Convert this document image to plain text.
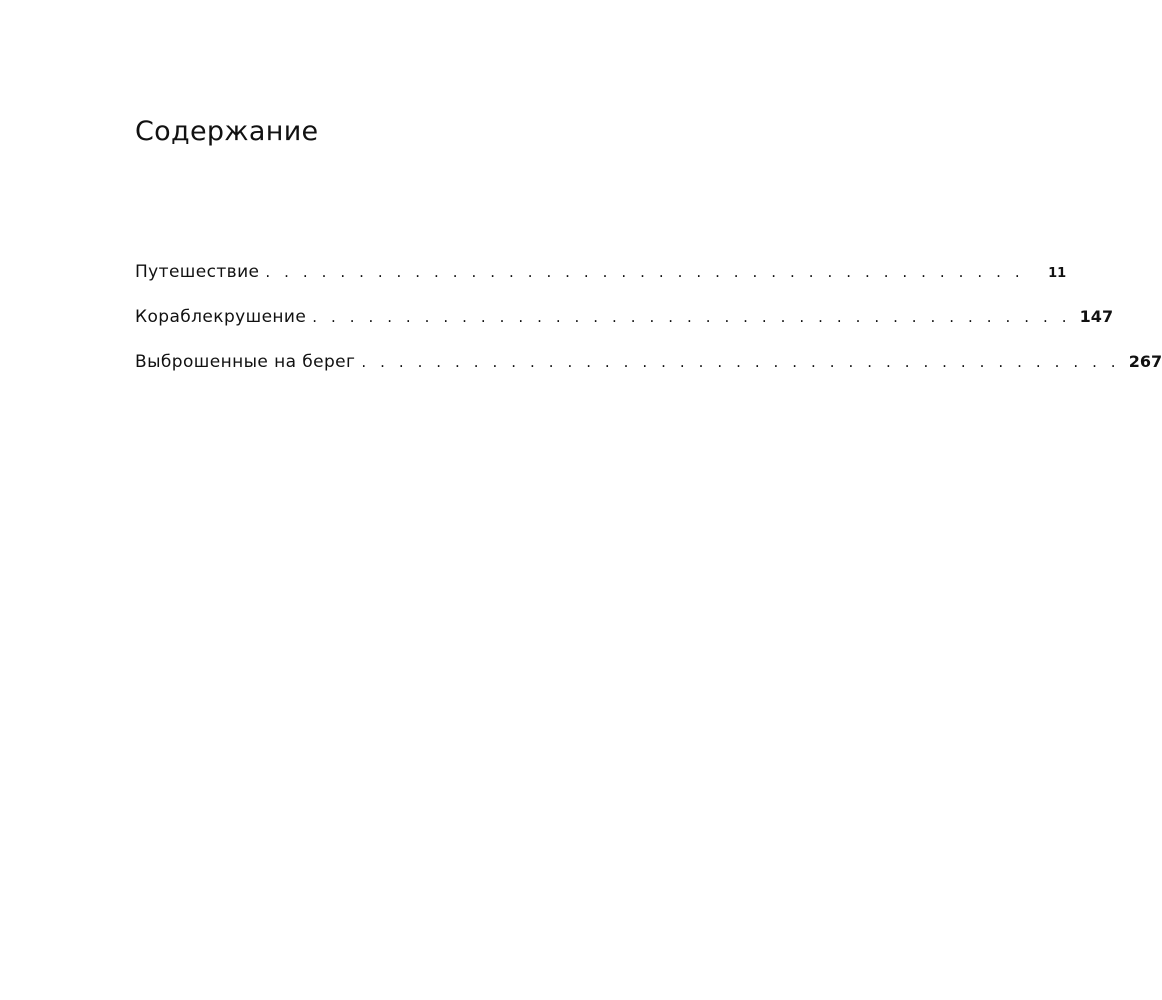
Содержание
Путешествие . . . . . . . . . . . . . . . . . . . . . . . . . . . . . . . . . . . . . . . . .	11
Кораблекрушение . . . . . . . . . . . . . . . . . . . . . . . . . . . . . . . . . . . . . . . . . 147
Выброшенные на берег . . . . . . . . . . . . . . . . . . . . . . . . . . . . . . . . . . . . . . . . . 267
